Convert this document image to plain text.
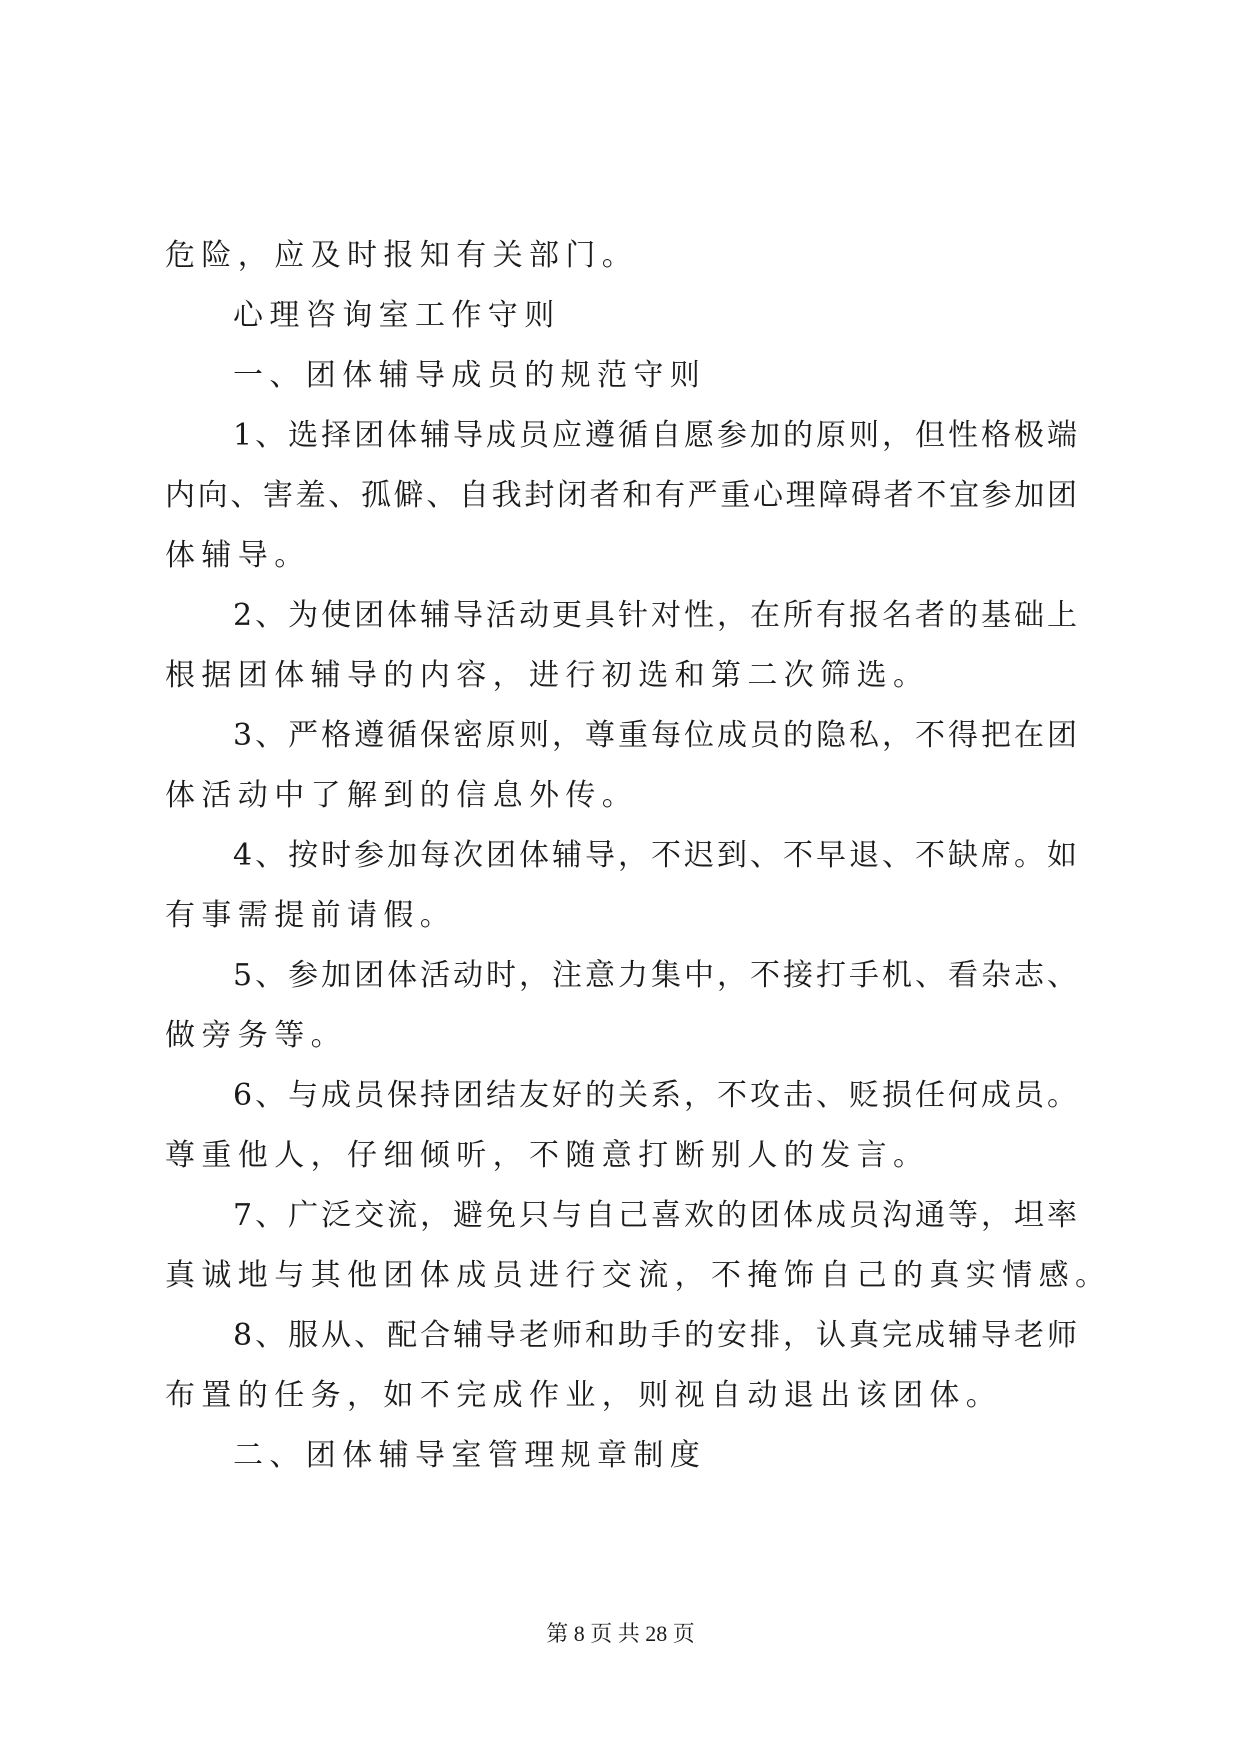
危险，应及时报知有关部门。
心理咨询室工作守则
一、团体辅导成员的规范守则
1、选择团体辅导成员应遵循自愿参加的原则，但性格极端
内向、害羞、孤僻、自我封闭者和有严重心理障碍者不宜参加团
体辅导。
2、为使团体辅导活动更具针对性，在所有报名者的基础上
根据团体辅导的内容，进行初选和第二次筛选。
3、严格遵循保密原则，尊重每位成员的隐私，不得把在团
体活动中了解到的信息外传。
4、按时参加每次团体辅导，不迟到、不早退、不缺席。如
有事需提前请假。
5、参加团体活动时，注意力集中，不接打手机、看杂志、
做旁务等。
6、与成员保持团结友好的关系，不攻击、贬损任何成员。
尊重他人，仔细倾听，不随意打断别人的发言。
7、广泛交流，避免只与自己喜欢的团体成员沟通等，坦率
真诚地与其他团体成员进行交流，不掩饰自己的真实情感。
8、服从、配合辅导老师和助手的安排，认真完成辅导老师
布置的任务，如不完成作业，则视自动退出该团体。
二、团体辅导室管理规章制度
第 8 页 共 28 页
